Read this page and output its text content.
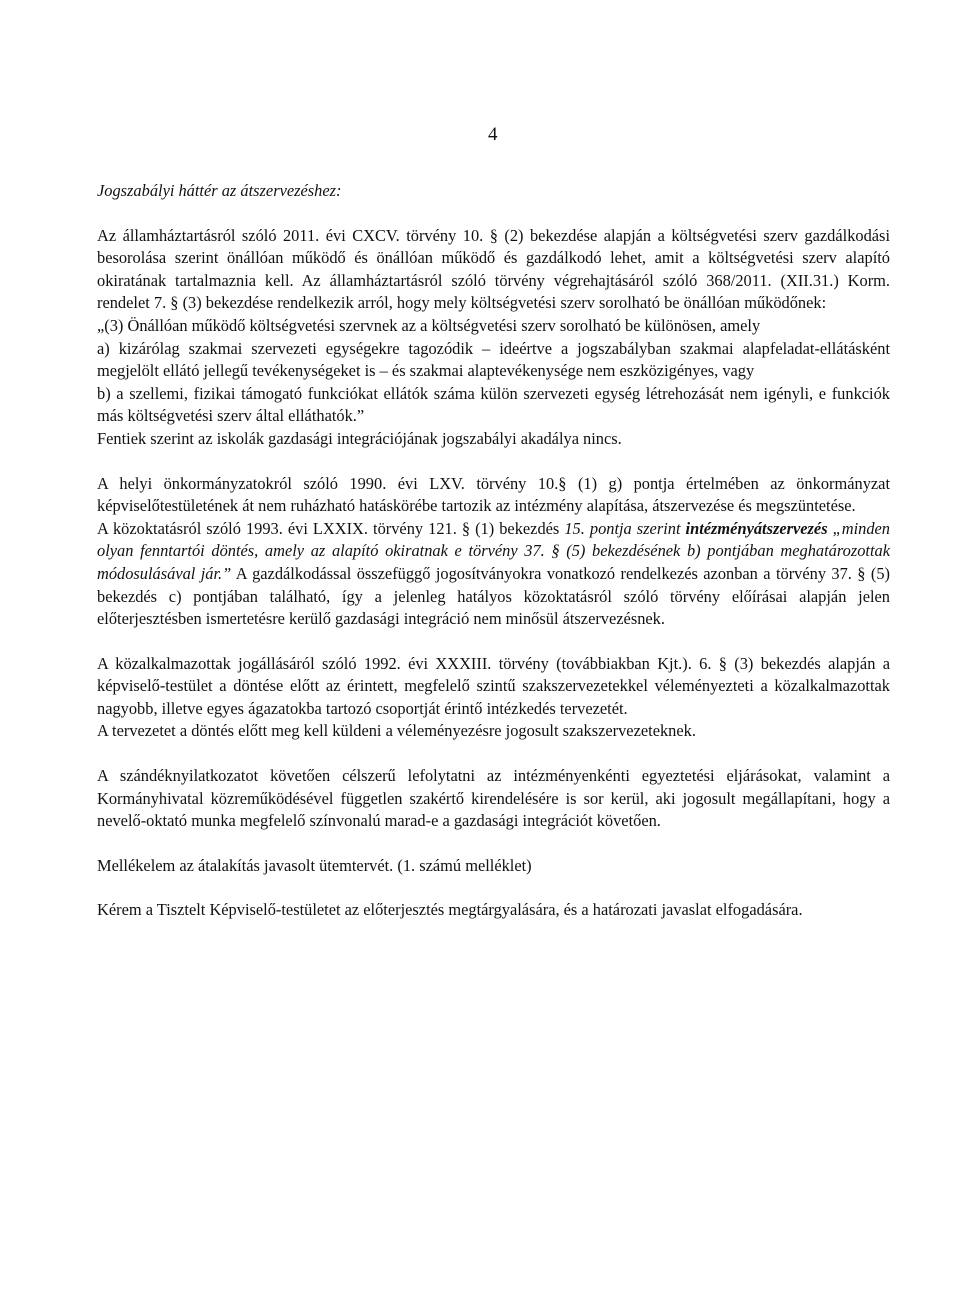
4

Jogszabályi háttér az átszervezéshez:

Az államháztartásról szóló 2011. évi CXCV. törvény 10. § (2) bekezdése alapján a költségvetési szerv gazdálkodási besorolása szerint önállóan működő és önállóan működő és gazdálkodó lehet, amit a költségvetési szerv alapító okiratának tartalmaznia kell. Az államháztartásról szóló törvény végrehajtásáról szóló 368/2011. (XII.31.) Korm. rendelet 7. § (3) bekezdése rendelkezik arról, hogy mely költségvetési szerv sorolható be önállóan működőnek:

„(3) Önállóan működő költségvetési szervnek az a költségvetési szerv sorolható be különösen, amely

a) kizárólag szakmai szervezeti egységekre tagozódik – ideértve a jogszabályban szakmai alapfeladat-ellátásként megjelölt ellátó jellegű tevékenységeket is – és szakmai alaptevékenysége nem eszközigényes, vagy

b) a szellemi, fizikai támogató funkciókat ellátók száma külön szervezeti egység létrehozását nem igényli, e funkciók más költségvetési szerv által elláthatók.”

Fentiek szerint az iskolák gazdasági integrációjának jogszabályi akadálya nincs.

A helyi önkormányzatokról szóló 1990. évi LXV. törvény 10.§ (1) g) pontja értelmében az önkormányzat képviselőtestületének át nem ruházható hatáskörébe tartozik az intézmény alapítása, átszervezése és megszüntetése.

A közoktatásról szóló 1993. évi LXXIX. törvény 121. § (1) bekezdés 15. pontja szerint intézményátszervezés „minden olyan fenntartói döntés, amely az alapító okiratnak e törvény 37. § (5) bekezdésének b) pontjában meghatározottak módosulásával jár.” A gazdálkodással összefüggő jogosítványokra vonatkozó rendelkezés azonban a törvény 37. § (5) bekezdés c) pontjában található, így a jelenleg hatályos közoktatásról szóló törvény előírásai alapján jelen előterjesztésben ismertetésre kerülő gazdasági integráció nem minősül átszervezésnek.

A közalkalmazottak jogállásáról szóló 1992. évi XXXIII. törvény (továbbiakban Kjt.). 6. § (3) bekezdés alapján a képviselő-testület a döntése előtt az érintett, megfelelő szintű szakszervezetekkel véleményezteti a közalkalmazottak nagyobb, illetve egyes ágazatokba tartozó csoportját érintő intézkedés tervezetét.

A tervezetet a döntés előtt meg kell küldeni a véleményezésre jogosult szakszervezeteknek.

A szándéknyilatkozatot követően célszerű lefolytatni az intézményenkénti egyeztetési eljárásokat, valamint a Kormányhivatal közreműködésével független szakértő kirendelésére is sor kerül, aki jogosult megállapítani, hogy a nevelő-oktató munka megfelelő színvonalú marad-e a gazdasági integrációt követően.

Mellékelem az átalakítás javasolt ütemtervét. (1. számú melléklet)

Kérem a Tisztelt Képviselő-testületet az előterjesztés megtárgyalására, és a határozati javaslat elfogadására.
